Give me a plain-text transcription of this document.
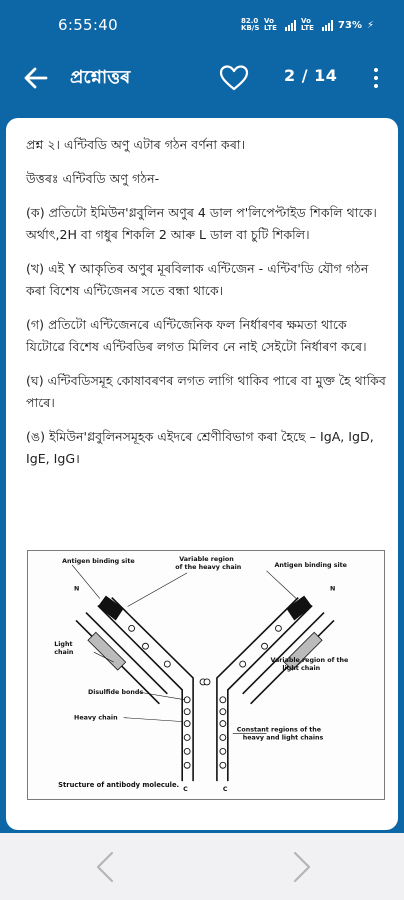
6:55:40	82.0 KB/S
Vo LTE
Vo LTE	73% ⚡
প্ৰশ্নোত্তৰ	2 / 14

প্ৰশ্ন ২। এন্টিবডি অণু এটাৰ গঠন বৰ্ণনা কৰা।

উত্তৰঃ এন্টিবডি অণু গঠন-

(ক) প্ৰতিটো ইমিউন'গ্লবুলিন অণুৰ 4 ডাল প'লিপেপ্টাইড শিকলি থাকে। অৰ্থাৎ,2H বা গধুৰ শিকলি 2 আৰু L ডাল বা চুটি শিকলি।

(খ) এই Y আকৃতিৰ অণুৰ মূৰবিলাক এন্টিজেন - এন্টিব'ডি যৌগ গঠন কৰা বিশেষ এন্টিজেনৰ সতে বন্ধা থাকে।

(গ) প্ৰতিটো এন্টিজেনৰে এন্টিজেনিক ফল নিৰ্ধাৰণৰ ক্ষমতা থাকে যিটোৱে বিশেষ এন্টিবডিৰ লগত মিলিব নে নাই সেইটো নিৰ্ধাৰণ কৰে।

(ঘ) এন্টিবডিসমূহ কোষাবৰণৰ লগত লাগি থাকিব পাৰে বা মুক্ত হৈ থাকিব পাৰে।

(ঙ) ইমিউন'গ্লবুলিনসমূহক এইদৰে শ্ৰেণীবিভাগ কৰা হৈছে – IgA, IgD, IgE, IgG।

Antigen binding site	Variable region of the heavy chain	Antigen binding site
Light chain
Variable region of the light chain
Disulfide bonds
Heavy chain
Constant regions of the heavy and light chains
N	N
C	C
Structure of antibody molecule.
